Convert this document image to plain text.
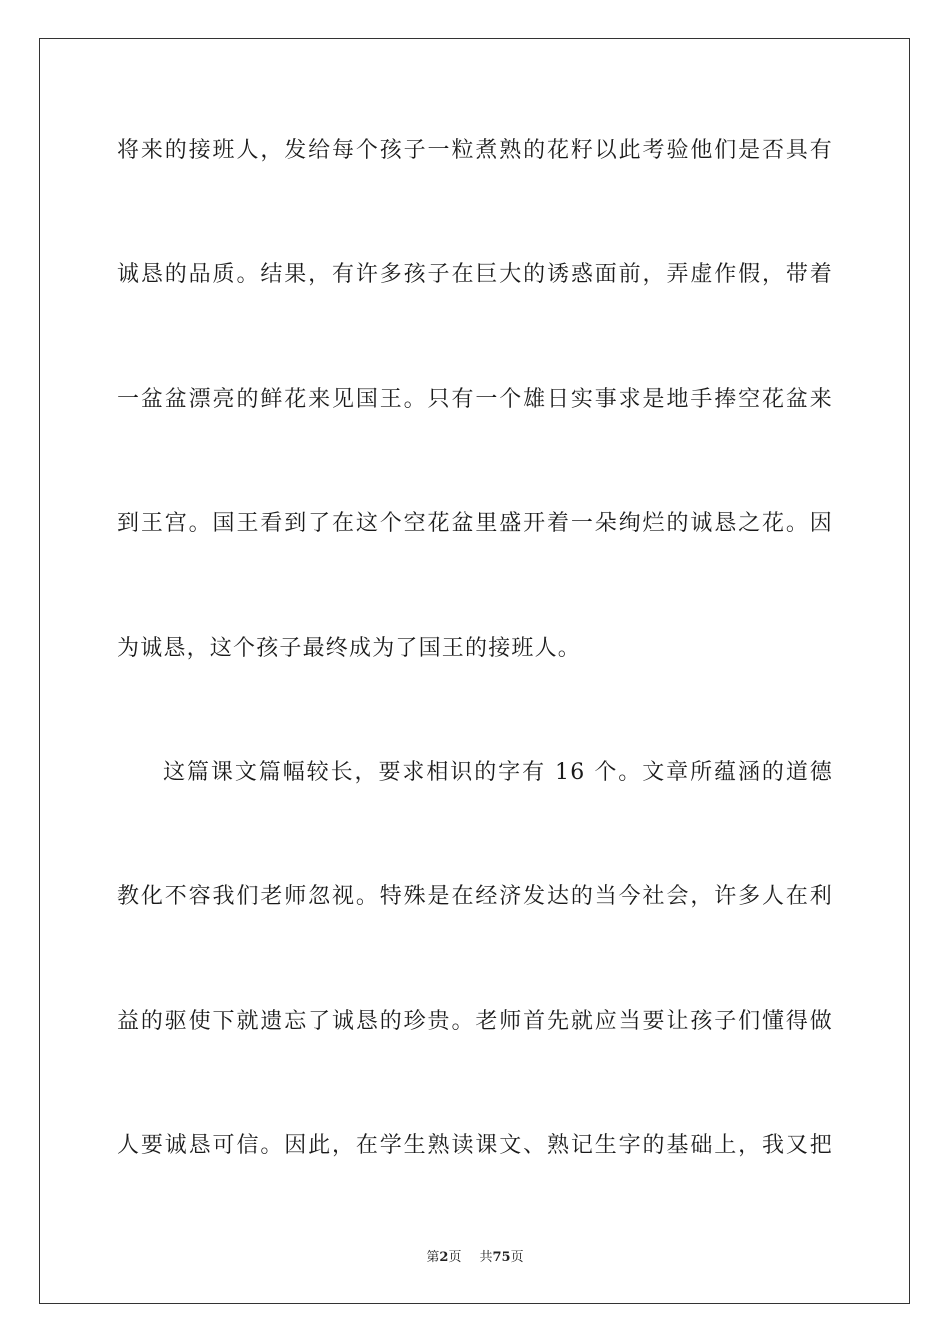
将来的接班人，发给每个孩子一粒煮熟的花籽以此考验他们是否具有
诚恳的品质。结果，有许多孩子在巨大的诱惑面前，弄虚作假，带着
一盆盆漂亮的鲜花来见国王。只有一个雄日实事求是地手捧空花盆来
到王宫。国王看到了在这个空花盆里盛开着一朵绚烂的诚恳之花。因
为诚恳，这个孩子最终成为了国王的接班人。
这篇课文篇幅较长，要求相识的字有 16 个。文章所蕴涵的道德
教化不容我们老师忽视。特殊是在经济发达的当今社会，许多人在利
益的驱使下就遗忘了诚恳的珍贵。老师首先就应当要让孩子们懂得做
人要诚恳可信。因此，在学生熟读课文、熟记生字的基础上，我又把
第2页 共75页
